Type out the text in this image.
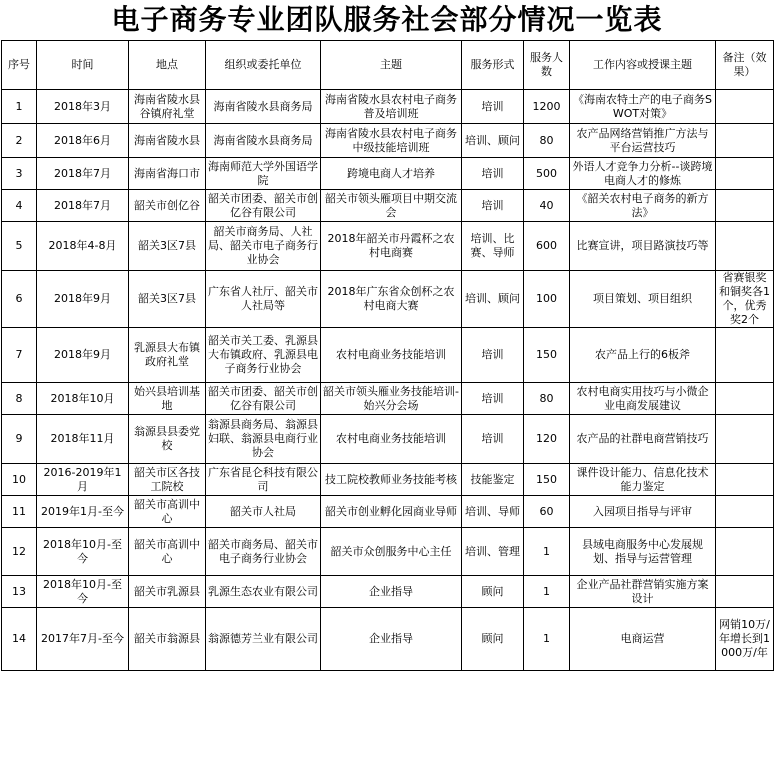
电子商务专业团队服务社会部分情况一览表
序号	时间	地点	组织或委托单位	主题	服务形式	服务人数	工作内容或授课主题	备注（效果）
1	2018年3月	海南省陵水县谷镇府礼堂	海南省陵水县商务局	海南省陵水县农村电子商务普及培训班	培训	1200	《海南农特土产的电子商务SWOT对策》	
2	2018年6月	海南省陵水县	海南省陵水县商务局	海南省陵水县农村电子商务中级技能培训班	培训、顾问	80	农产品网络营销推广方法与平台运营技巧	
3	2018年7月	海南省海口市	海南师范大学外国语学院	跨境电商人才培养	培训	500	外语人才竞争力分析--谈跨境电商人才的修炼	
4	2018年7月	韶关市创亿谷	韶关市团委、韶关市创亿谷有限公司	韶关市领头雁项目中期交流会	培训	40	《韶关农村电子商务的新方法》	
5	2018年4-8月	韶关3区7县	韶关市商务局、人社局、韶关市电子商务行业协会	2018年韶关市丹霞杯之农村电商赛	培训、比赛、导师	600	比赛宣讲，项目路演技巧等	
6	2018年9月	韶关3区7县	广东省人社厅、韶关市人社局等	2018年广东省众创杯之农村电商大赛	培训、顾问	100	项目策划、项目组织	省赛银奖和铜奖各1个，优秀奖2个
7	2018年9月	乳源县大布镇政府礼堂	韶关市关工委、乳源县大布镇政府、乳源县电子商务行业协会	农村电商业务技能培训	培训	150	农产品上行的6板斧	
8	2018年10月	始兴县培训基地	韶关市团委、韶关市创亿谷有限公司	韶关市领头雁业务技能培训-始兴分会场	培训	80	农村电商实用技巧与小微企业电商发展建议	
9	2018年11月	翁源县县委党校	翁源县商务局、翁源县妇联、翁源县电商行业协会	农村电商业务技能培训	培训	120	农产品的社群电商营销技巧	
10	2016-2019年1月	韶关市区各技工院校	广东省昆仑科技有限公司	技工院校教师业务技能考核	技能鉴定	150	课件设计能力、信息化技术能力鉴定	
11	2019年1月-至今	韶关市高训中心	韶关市人社局	韶关市创业孵化园商业导师	培训、导师	60	入园项目指导与评审	
12	2018年10月-至今	韶关市高训中心	韶关市商务局、韶关市电子商务行业协会	韶关市众创服务中心主任	培训、管理	1	县域电商服务中心发展规划、指导与运营管理	
13	2018年10月-至今	韶关市乳源县	乳源生态农业有限公司	企业指导	顾问	1	企业产品社群营销实施方案设计	
14	2017年7月-至今	韶关市翁源县	翁源德芳兰业有限公司	企业指导	顾问	1	电商运营	网销10万/年增长到1000万/年
